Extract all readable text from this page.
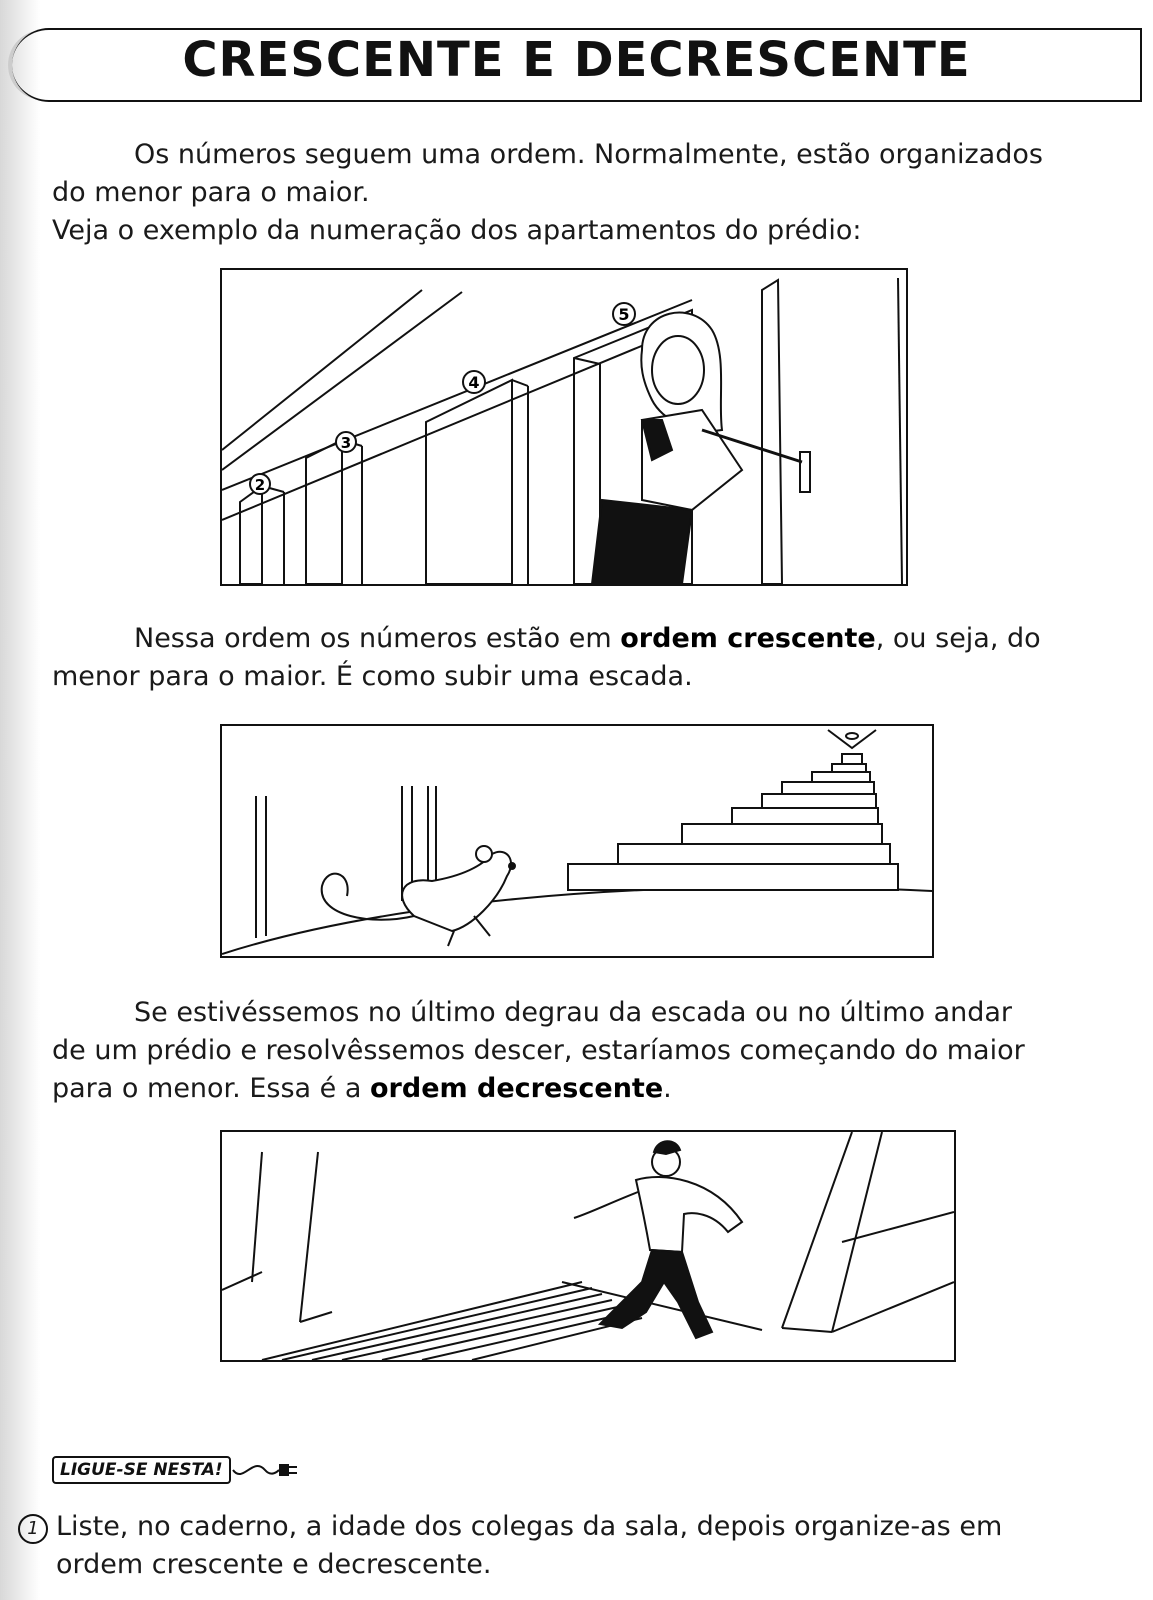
CRESCENTE E DECRESCENTE
Os números seguem uma ordem. Normalmente, estão organizados
do menor para o maior.
Veja o exemplo da numeração dos apartamentos do prédio:
2
3
4
5
Nessa ordem os números estão em ordem crescente, ou seja, do
menor para o maior. É como subir uma escada.
Se estivéssemos no último degrau da escada ou no último andar
de um prédio e resolvêssemos descer, estaríamos começando do maior
para o menor. Essa é a ordem decrescente.
LIGUE-SE NESTA!
1 Liste, no caderno, a idade dos colegas da sala, depois organize-as em
ordem crescente e decrescente.
